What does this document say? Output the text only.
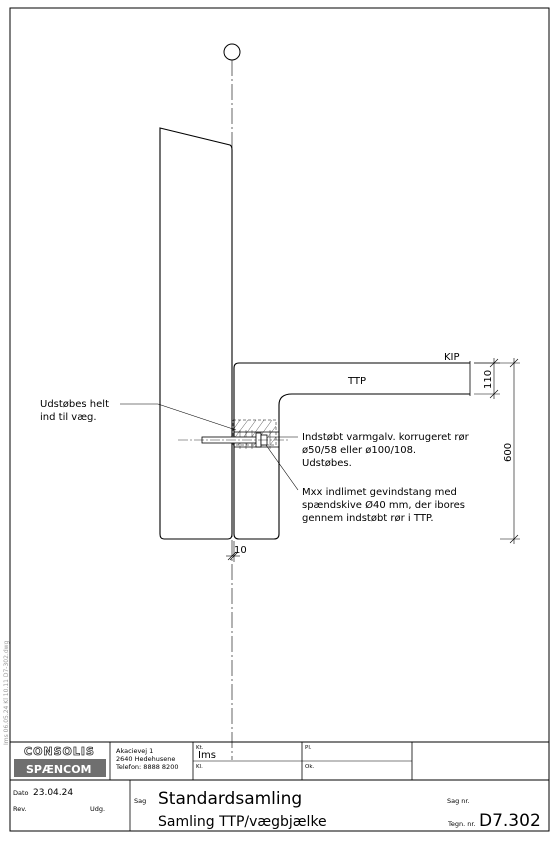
Ims 06.05.24 Kl 10.11 D7-302.dwg
KIP
TTP	110
600
10
Udstøbes helt
ind til væg.
Indstøbt varmgalv. korrugeret rør
ø50/58 eller ø100/108.
Udstøbes.
Mxx indlimet gevindstang med
spændskive Ø40 mm, der ibores
gennem indstøbt rør i TTP.
CONSOLIS
SPÆNCOM
Akacievej 1
2640 Hedehusene
Telefon: 8888 8200
Kt.
Ims
Pl.
Kl.	Ok.
Dato 23.04.24
Rev.	Udg.
Sag Standardsamling
Samling TTP/vægbjælke
Sag nr.
Tegn. nr. D7.302
